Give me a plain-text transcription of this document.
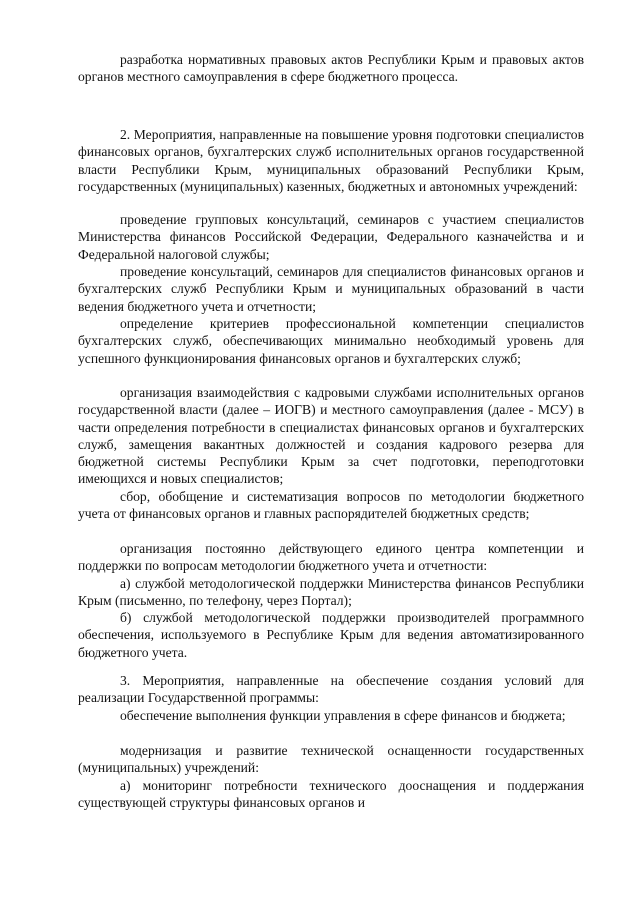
разработка нормативных правовых актов Республики Крым и правовых актов органов местного самоуправления в сфере бюджетного процесса.

2. Мероприятия, направленные на повышение уровня подготовки специалистов финансовых органов, бухгалтерских служб исполнительных органов государственной власти Республики Крым, муниципальных образований Республики Крым, государственных (муниципальных) казенных, бюджетных и автономных учреждений:

проведение групповых консультаций, семинаров с участием специалистов Министерства финансов Российской Федерации, Федерального казначейства и и Федеральной налоговой службы;

проведение консультаций, семинаров для специалистов финансовых органов и бухгалтерских служб Республики Крым и муниципальных образований в части ведения бюджетного учета и отчетности;

определение критериев профессиональной компетенции специалистов бухгалтерских служб, обеспечивающих минимально необходимый уровень для успешного функционирования финансовых органов и бухгалтерских служб;

организация взаимодействия с кадровыми службами исполнительных органов государственной власти (далее – ИОГВ) и местного самоуправления (далее - МСУ) в части определения потребности в специалистах финансовых органов и бухгалтерских служб, замещения вакантных должностей и создания кадрового резерва для бюджетной системы Республики Крым за счет подготовки, переподготовки имеющихся и новых специалистов;

сбор, обобщение и систематизация вопросов по методологии бюджетного учета от финансовых органов и главных распорядителей бюджетных средств;

организация постоянно действующего единого центра компетенции и поддержки по вопросам методологии бюджетного учета и отчетности:

а) службой методологической поддержки Министерства финансов Республики Крым (письменно, по телефону, через Портал);

б) службой методологической поддержки производителей программного обеспечения, используемого в Республике Крым для ведения автоматизированного бюджетного учета.

3. Мероприятия, направленные на обеспечение создания условий для реализации Государственной программы:

обеспечение выполнения функции управления в сфере финансов и бюджета;

модернизация и развитие технической оснащенности государственных (муниципальных) учреждений:

а) мониторинг потребности технического дооснащения и поддержания существующей структуры финансовых органов и
